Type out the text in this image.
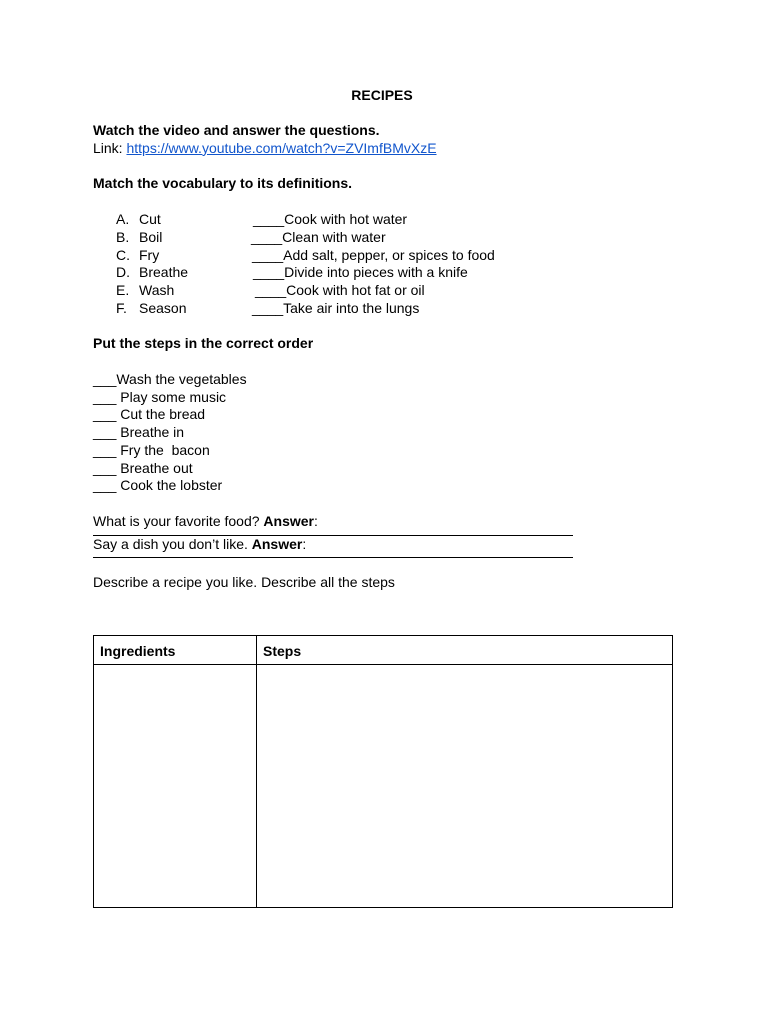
RECIPES

Watch the video and answer the questions.

Link: https://www.youtube.com/watch?v=ZVImfBMvXzE

Match the vocabulary to its definitions.

A. Cut	____Cook with hot water
B. Boil	____Clean with water
C. Fry	____Add salt, pepper, or spices to food
D. Breathe	____Divide into pieces with a knife
E. Wash	____Cook with hot fat or oil
F. Season	____Take air into the lungs

Put the steps in the correct order

___Wash the vegetables

___ Play some music

___ Cut the bread

___ Breathe in

___ Fry the  bacon

___ Breathe out

___ Cook the lobster

What is your favorite food? Answer:

Say a dish you don’t like. Answer:

Describe a recipe you like. Describe all the steps

Ingredients	Steps
